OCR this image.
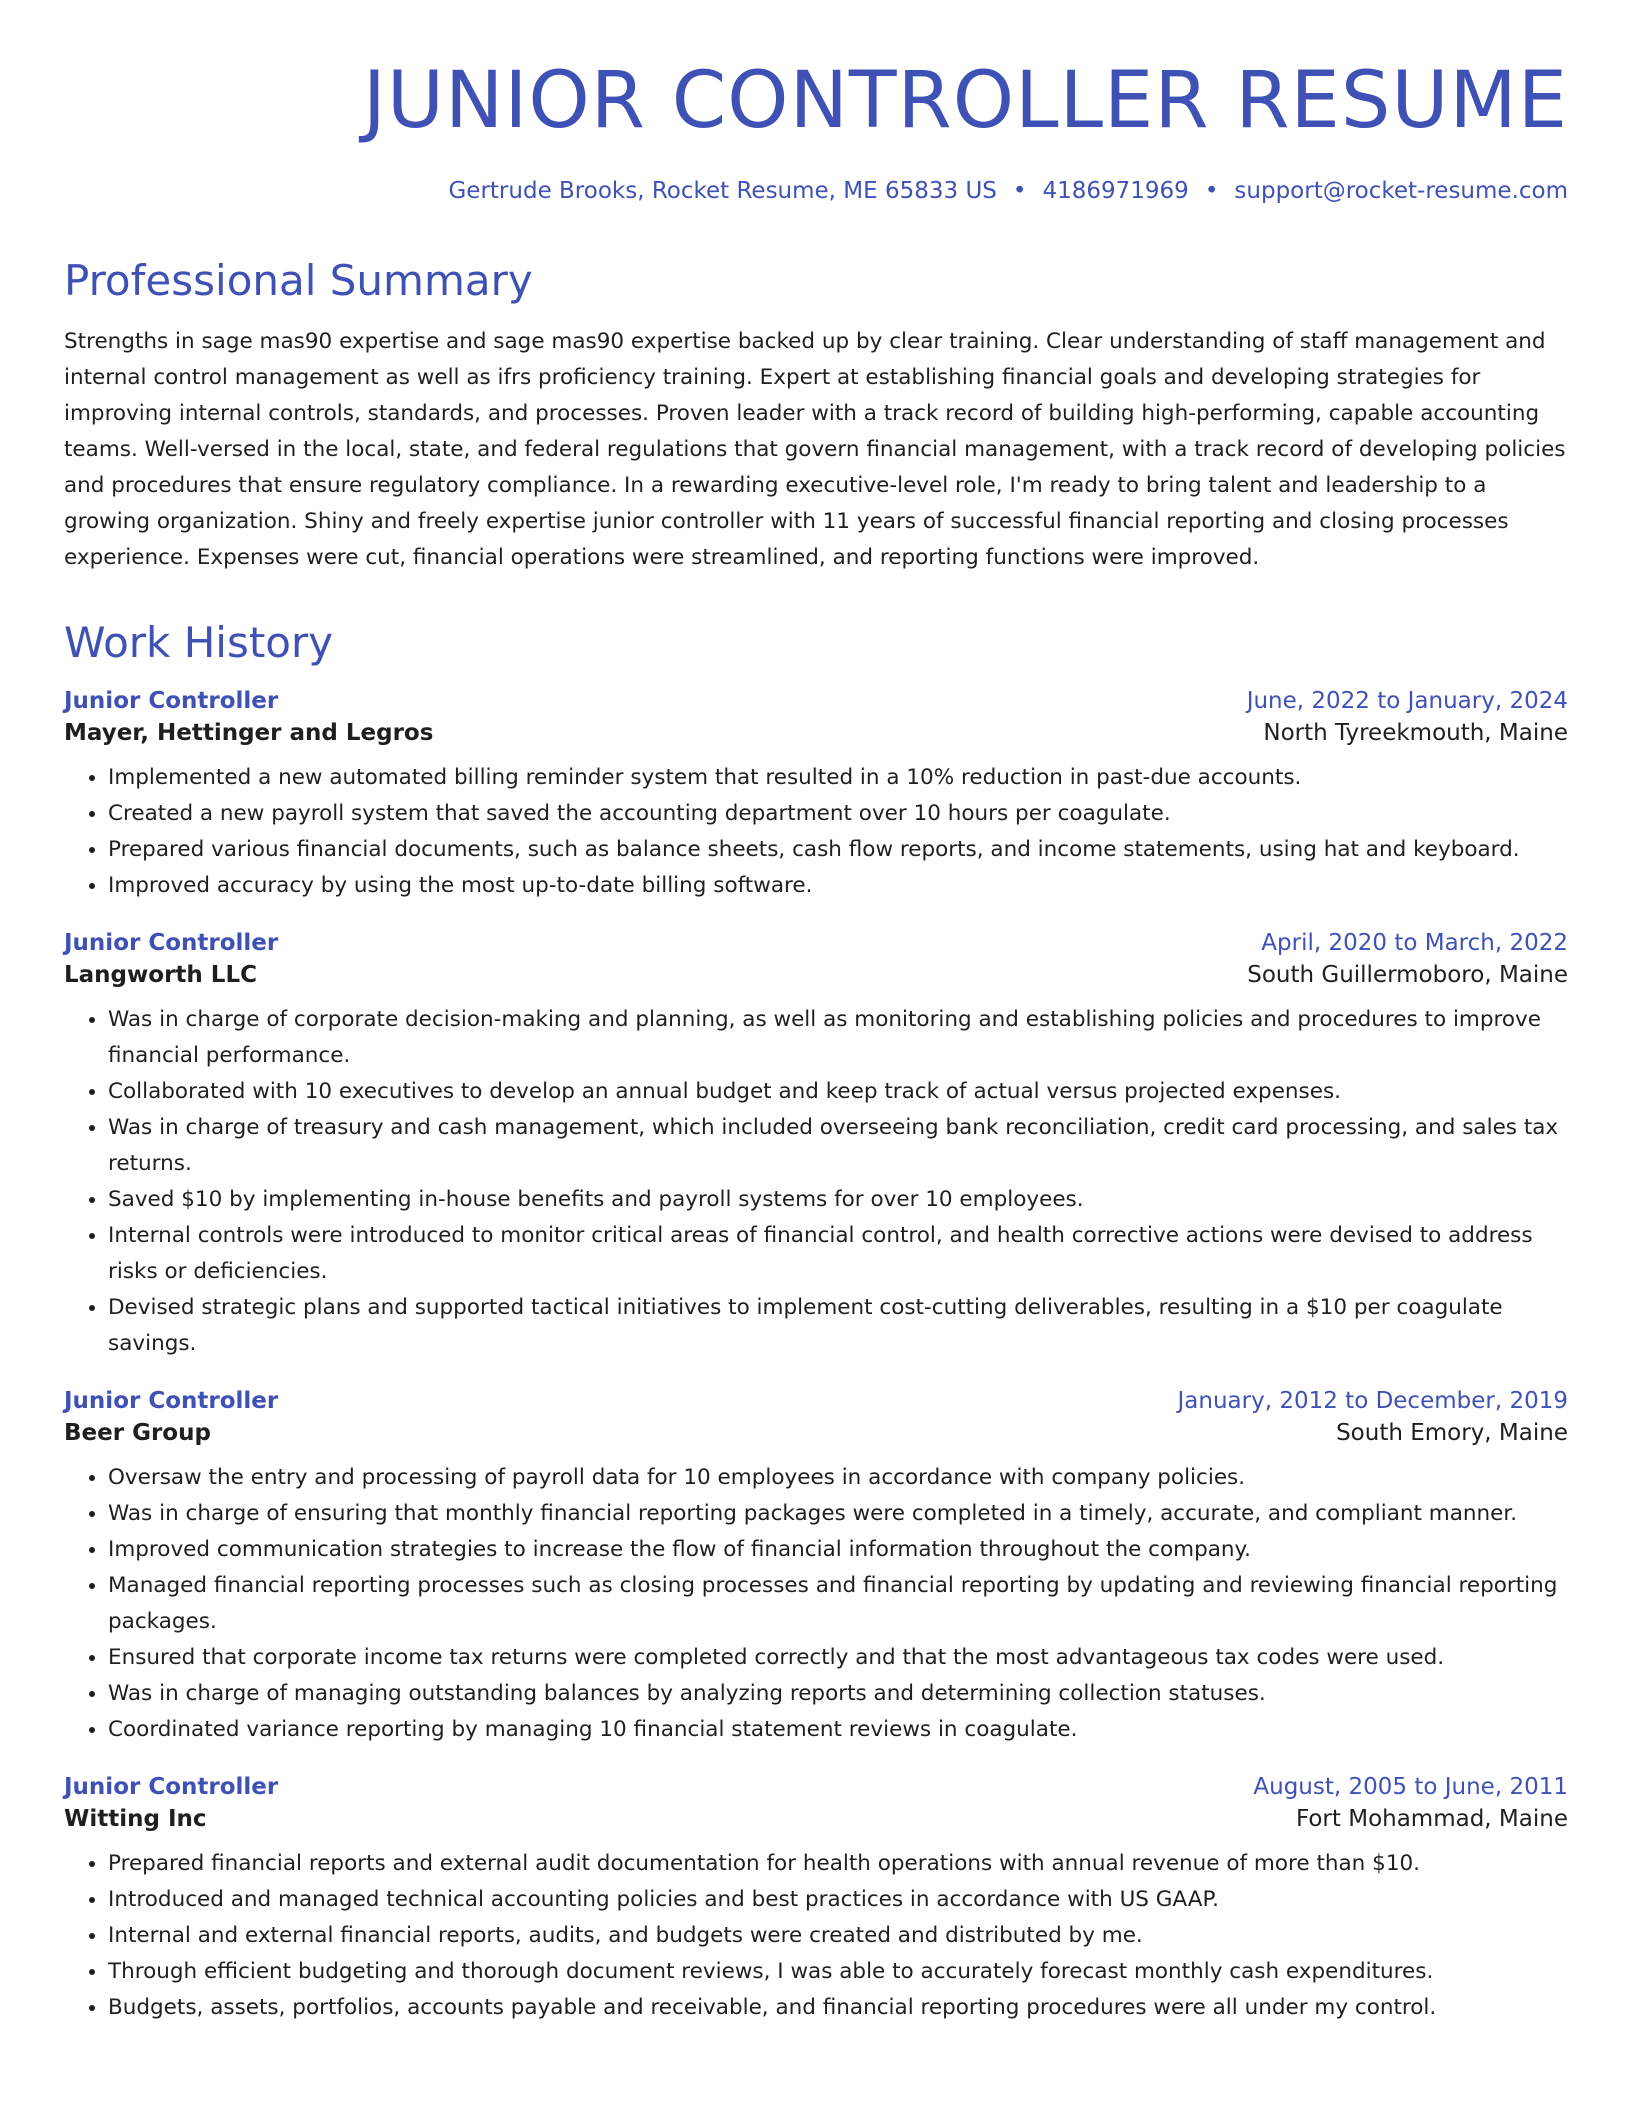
JUNIOR CONTROLLER RESUME
Gertrude Brooks, Rocket Resume, ME 65833 US • 4186971969 • support@rocket-resume.com
Professional Summary
Strengths in sage mas90 expertise and sage mas90 expertise backed up by clear training. Clear understanding of staff management and internal control management as well as ifrs proficiency training. Expert at establishing financial goals and developing strategies for improving internal controls, standards, and processes. Proven leader with a track record of building high-performing, capable accounting teams. Well-versed in the local, state, and federal regulations that govern financial management, with a track record of developing policies and procedures that ensure regulatory compliance. In a rewarding executive-level role, I'm ready to bring talent and leadership to a growing organization. Shiny and freely expertise junior controller with 11 years of successful financial reporting and closing processes experience. Expenses were cut, financial operations were streamlined, and reporting functions were improved.
Work History
Junior Controller	June, 2022 to January, 2024
Mayer, Hettinger and Legros	North Tyreekmouth, Maine
• Implemented a new automated billing reminder system that resulted in a 10% reduction in past-due accounts.
• Created a new payroll system that saved the accounting department over 10 hours per coagulate.
• Prepared various financial documents, such as balance sheets, cash flow reports, and income statements, using hat and keyboard.
• Improved accuracy by using the most up-to-date billing software.
Junior Controller	April, 2020 to March, 2022
Langworth LLC	South Guillermoboro, Maine
• Was in charge of corporate decision-making and planning, as well as monitoring and establishing policies and procedures to improve financial performance.
• Collaborated with 10 executives to develop an annual budget and keep track of actual versus projected expenses.
• Was in charge of treasury and cash management, which included overseeing bank reconciliation, credit card processing, and sales tax returns.
• Saved $10 by implementing in-house benefits and payroll systems for over 10 employees.
• Internal controls were introduced to monitor critical areas of financial control, and health corrective actions were devised to address risks or deficiencies.
• Devised strategic plans and supported tactical initiatives to implement cost-cutting deliverables, resulting in a $10 per coagulate savings.
Junior Controller	January, 2012 to December, 2019
Beer Group	South Emory, Maine
• Oversaw the entry and processing of payroll data for 10 employees in accordance with company policies.
• Was in charge of ensuring that monthly financial reporting packages were completed in a timely, accurate, and compliant manner.
• Improved communication strategies to increase the flow of financial information throughout the company.
• Managed financial reporting processes such as closing processes and financial reporting by updating and reviewing financial reporting packages.
• Ensured that corporate income tax returns were completed correctly and that the most advantageous tax codes were used.
• Was in charge of managing outstanding balances by analyzing reports and determining collection statuses.
• Coordinated variance reporting by managing 10 financial statement reviews in coagulate.
Junior Controller	August, 2005 to June, 2011
Witting Inc	Fort Mohammad, Maine
• Prepared financial reports and external audit documentation for health operations with annual revenue of more than $10.
• Introduced and managed technical accounting policies and best practices in accordance with US GAAP.
• Internal and external financial reports, audits, and budgets were created and distributed by me.
• Through efficient budgeting and thorough document reviews, I was able to accurately forecast monthly cash expenditures.
• Budgets, assets, portfolios, accounts payable and receivable, and financial reporting procedures were all under my control.
